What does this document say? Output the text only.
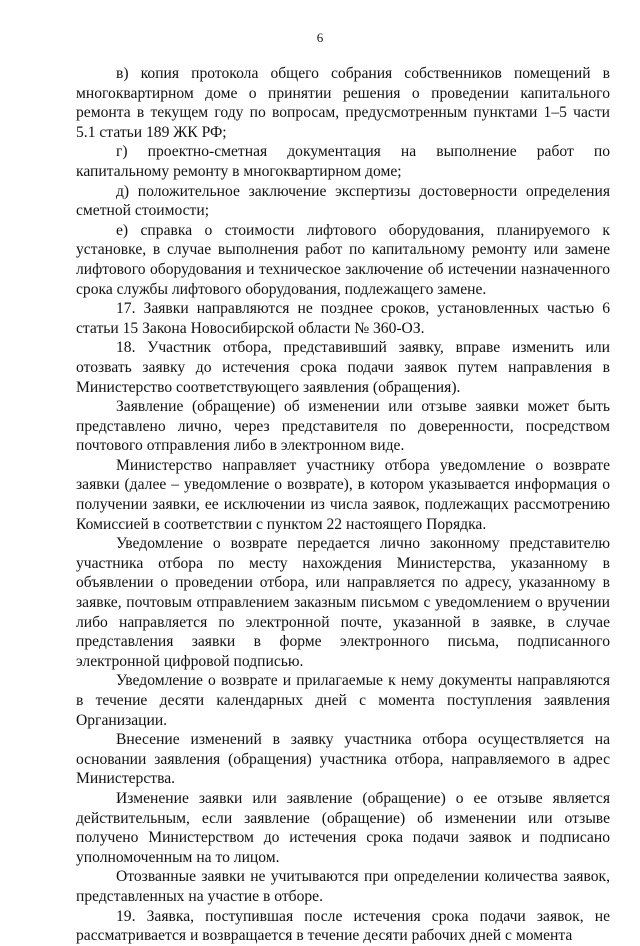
6

в) копия протокола общего собрания собственников помещений в многоквартирном доме о принятии решения о проведении капитального ремонта в текущем году по вопросам, предусмотренным пунктами 1–5 части 5.1 статьи 189 ЖК РФ;

г) проектно-сметная документация на выполнение работ по капитальному ремонту в многоквартирном доме;

д) положительное заключение экспертизы достоверности определения сметной стоимости;

е) справка о стоимости лифтового оборудования, планируемого к установке, в случае выполнения работ по капитальному ремонту или замене лифтового оборудования и техническое заключение об истечении назначенного срока службы лифтового оборудования, подлежащего замене.

17. Заявки направляются не позднее сроков, установленных частью 6 статьи 15 Закона Новосибирской области № 360-ОЗ.

18. Участник отбора, представивший заявку, вправе изменить или отозвать заявку до истечения срока подачи заявок путем направления в Министерство соответствующего заявления (обращения).

Заявление (обращение) об изменении или отзыве заявки может быть представлено лично, через представителя по доверенности, посредством почтового отправления либо в электронном виде.

Министерство направляет участнику отбора уведомление о возврате заявки (далее – уведомление о возврате), в котором указывается информация о получении заявки, ее исключении из числа заявок, подлежащих рассмотрению Комиссией в соответствии с пунктом 22 настоящего Порядка.

Уведомление о возврате передается лично законному представителю участника отбора по месту нахождения Министерства, указанному в объявлении о проведении отбора, или направляется по адресу, указанному в заявке, почтовым отправлением заказным письмом с уведомлением о вручении либо направляется по электронной почте, указанной в заявке, в случае представления заявки в форме электронного письма, подписанного электронной цифровой подписью.

Уведомление о возврате и прилагаемые к нему документы направляются в течение десяти календарных дней с момента поступления заявления Организации.

Внесение изменений в заявку участника отбора осуществляется на основании заявления (обращения) участника отбора, направляемого в адрес Министерства.

Изменение заявки или заявление (обращение) о ее отзыве является действительным, если заявление (обращение) об изменении или отзыве получено Министерством до истечения срока подачи заявок и подписано уполномоченным на то лицом.

Отозванные заявки не учитываются при определении количества заявок, представленных на участие в отборе.

19. Заявка, поступившая после истечения срока подачи заявок, не рассматривается и возвращается в течение десяти рабочих дней с момента
